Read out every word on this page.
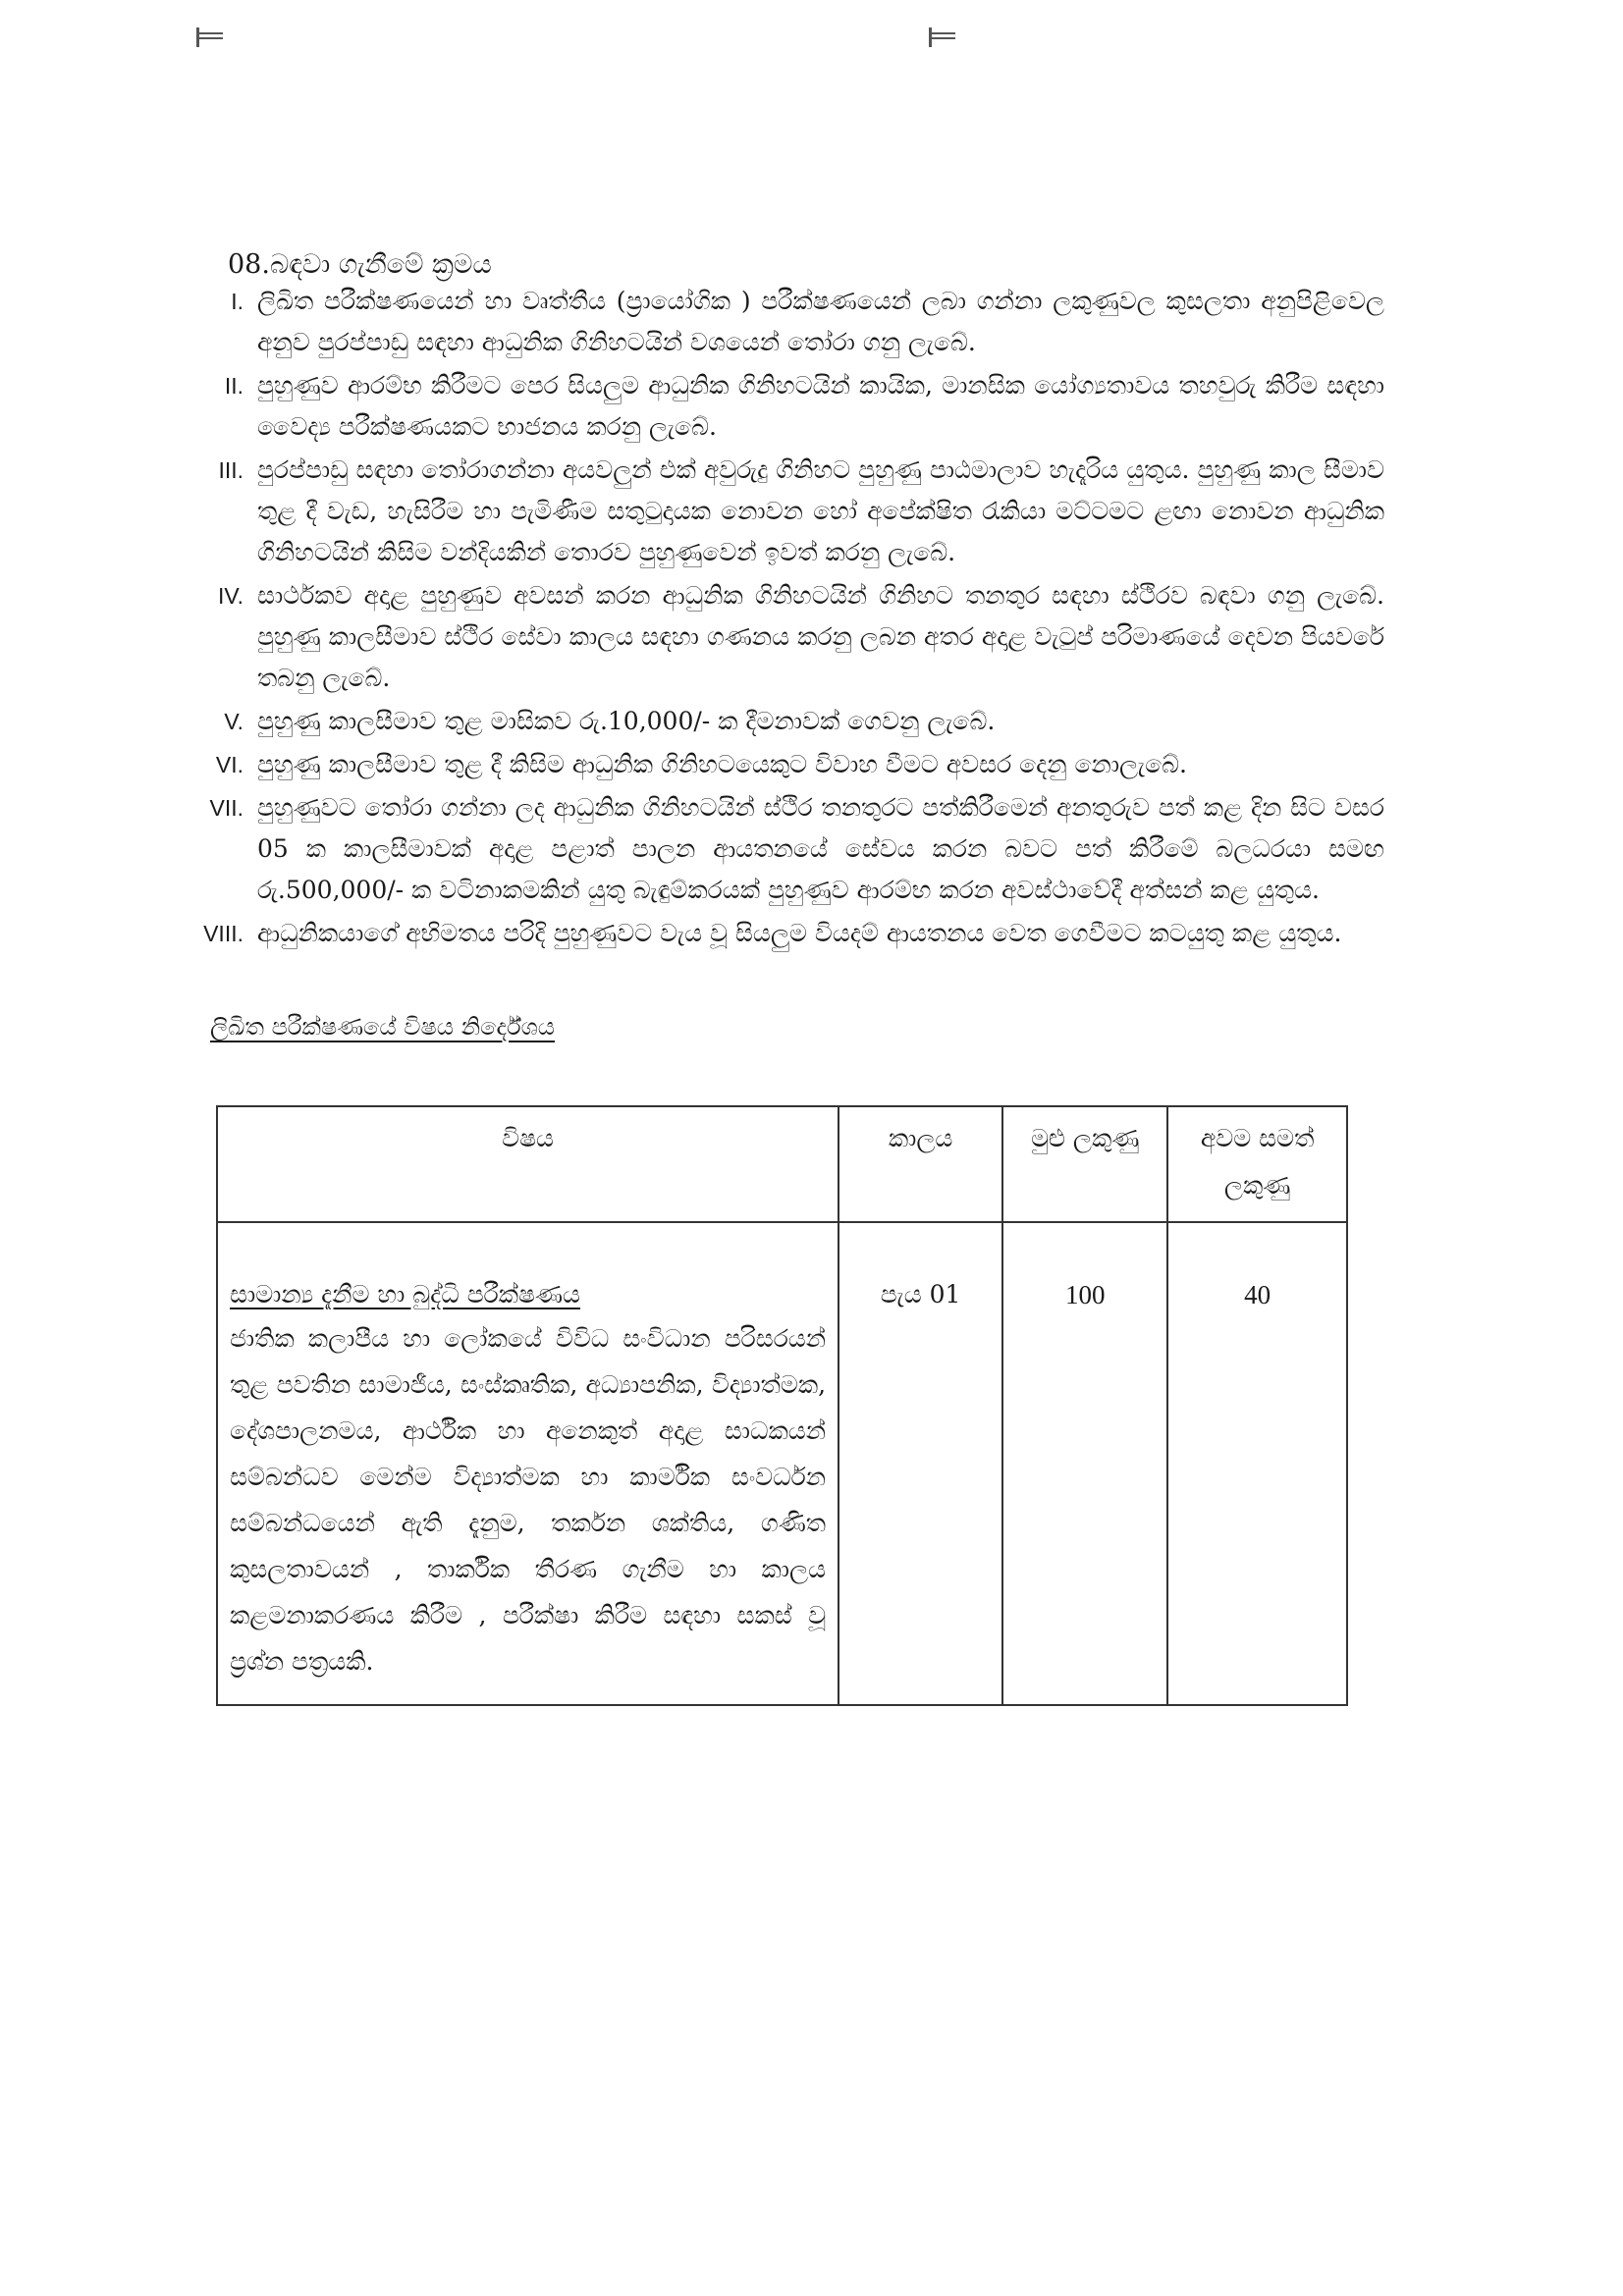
08.බඳවා ගැනීමේ ක්‍රමය
I. ලිඛිත පරීක්ෂණයෙන් හා වෘත්තීය (ප්‍රායෝගික ) පරීක්ෂණයෙන් ලබා ගන්නා ලකුණුවල කුසලතා අනුපිළිවෙල අනුව පුරප්පාඩු සඳහා ආධුනික ගිනිහටයින් වශයෙන් තෝරා ගනු ලැබේ.
II. පුහුණුව ආරම්භ කිරීමට පෙර සියලුම ආධුනික ගිනිහටයින් කායික, මානසික යෝග්‍යතාවය තහවුරු කිරීම සඳහා වෛද්‍ය පරීක්ෂණයකට භාජනය කරනු ලැබේ.
III. පුරප්පාඩු සඳහා තෝරාගන්නා අයවලුන් එක් අවුරුදු ගිනිහට පුහුණු පාඨමාලාව හැදෑරිය යුතුය. පුහුණු කාල සීමාව තුළ දී වැඩ, හැසිරීම හා පැමිණීම සතුටුදායක නොවන හෝ අපේක්ෂිත රැකියා මට්ටමට ළඟා නොවන ආධුනික ගිනිහටයින් කිසිම වන්දියකින් තොරව පුහුණුවෙන් ඉවත් කරනු ලැබේ.
IV. සාර්ථකව අදාළ පුහුණුව අවසන් කරන ආධුනික ගිනිහටයින් ගිනිහට තනතුර සඳහා ස්ථිරව බඳවා ගනු ලැබේ. පුහුණු කාලසීමාව ස්ථිර සේවා කාලය සඳහා ගණනය කරනු ලබන අතර අදාළ වැටුප් පරිමාණයේ දෙවන පියවරේ තබනු ලැබේ.
V. පුහුණු කාලසීමාව තුළ මාසිකව රු.10,000/- ක දීමනාවක් ගෙවනු ලැබේ.
VI. පුහුණු කාලසීමාව තුළ දී කිසිම ආධුනික ගිනිහටයෙකුට විවාහ වීමට අවසර දෙනු නොලැබේ.
VII. පුහුණුවට තෝරා ගන්නා ලද ආධුනික ගිනිහටයින් ස්ථිර තනතුරට පත්කිරීමෙන් අනතුරුව පත් කළ දින සිට වසර 05 ක කාලසීමාවක් අදාළ පළාත් පාලන ආයතනයේ සේවය කරන බවට පත් කිරීමේ බලධරයා සමඟ රු.500,000/- ක වටිනාකමකින් යුතු බැඳුම්කරයක් පුහුණුව ආරම්භ කරන අවස්ථාවේදී අත්සන් කළ යුතුය.
VIII. ආධුනිකයාගේ අභිමතය පරිදි පුහුණුවට වැය වූ සියලුම වියදම් ආයතනය වෙත ගෙවීමට කටයුතු කළ යුතුය.
ලිඛිත පරීක්ෂණයේ විෂය නිර්දේශය
විෂය	කාලය	මුළු ලකුණු	අවම සමත් ලකුණු

සාමාන්‍ය දැනීම හා බුද්ධි පරීක්ෂණය
ජාතික කලාපීය හා ලෝකයේ විවිධ සංවිධාන පරිසරයන් තුළ පවතින සාමාජීය, සංස්කෘතික, අධ්‍යාපනික, විද්‍යාත්මක, දේශපාලනමය, ආර්ථික හා අනෙකුත් අදාළ සාධකයන් සම්බන්ධව මෙන්ම විද්‍යාත්මක හා කාර්මික සංවර්ධන සම්බන්ධයෙන් ඇති දැනුම, තර්කන ශක්තිය, ගණිත කුසලතාවයන් , තාර්කික තීරණ ගැනීම හා කාලය කළමනාකරණය කිරීම , පරීක්ෂා කිරීම සඳහා සකස් වූ ප්‍රශ්න පත්‍රයකි.	පැය 01	100	40
